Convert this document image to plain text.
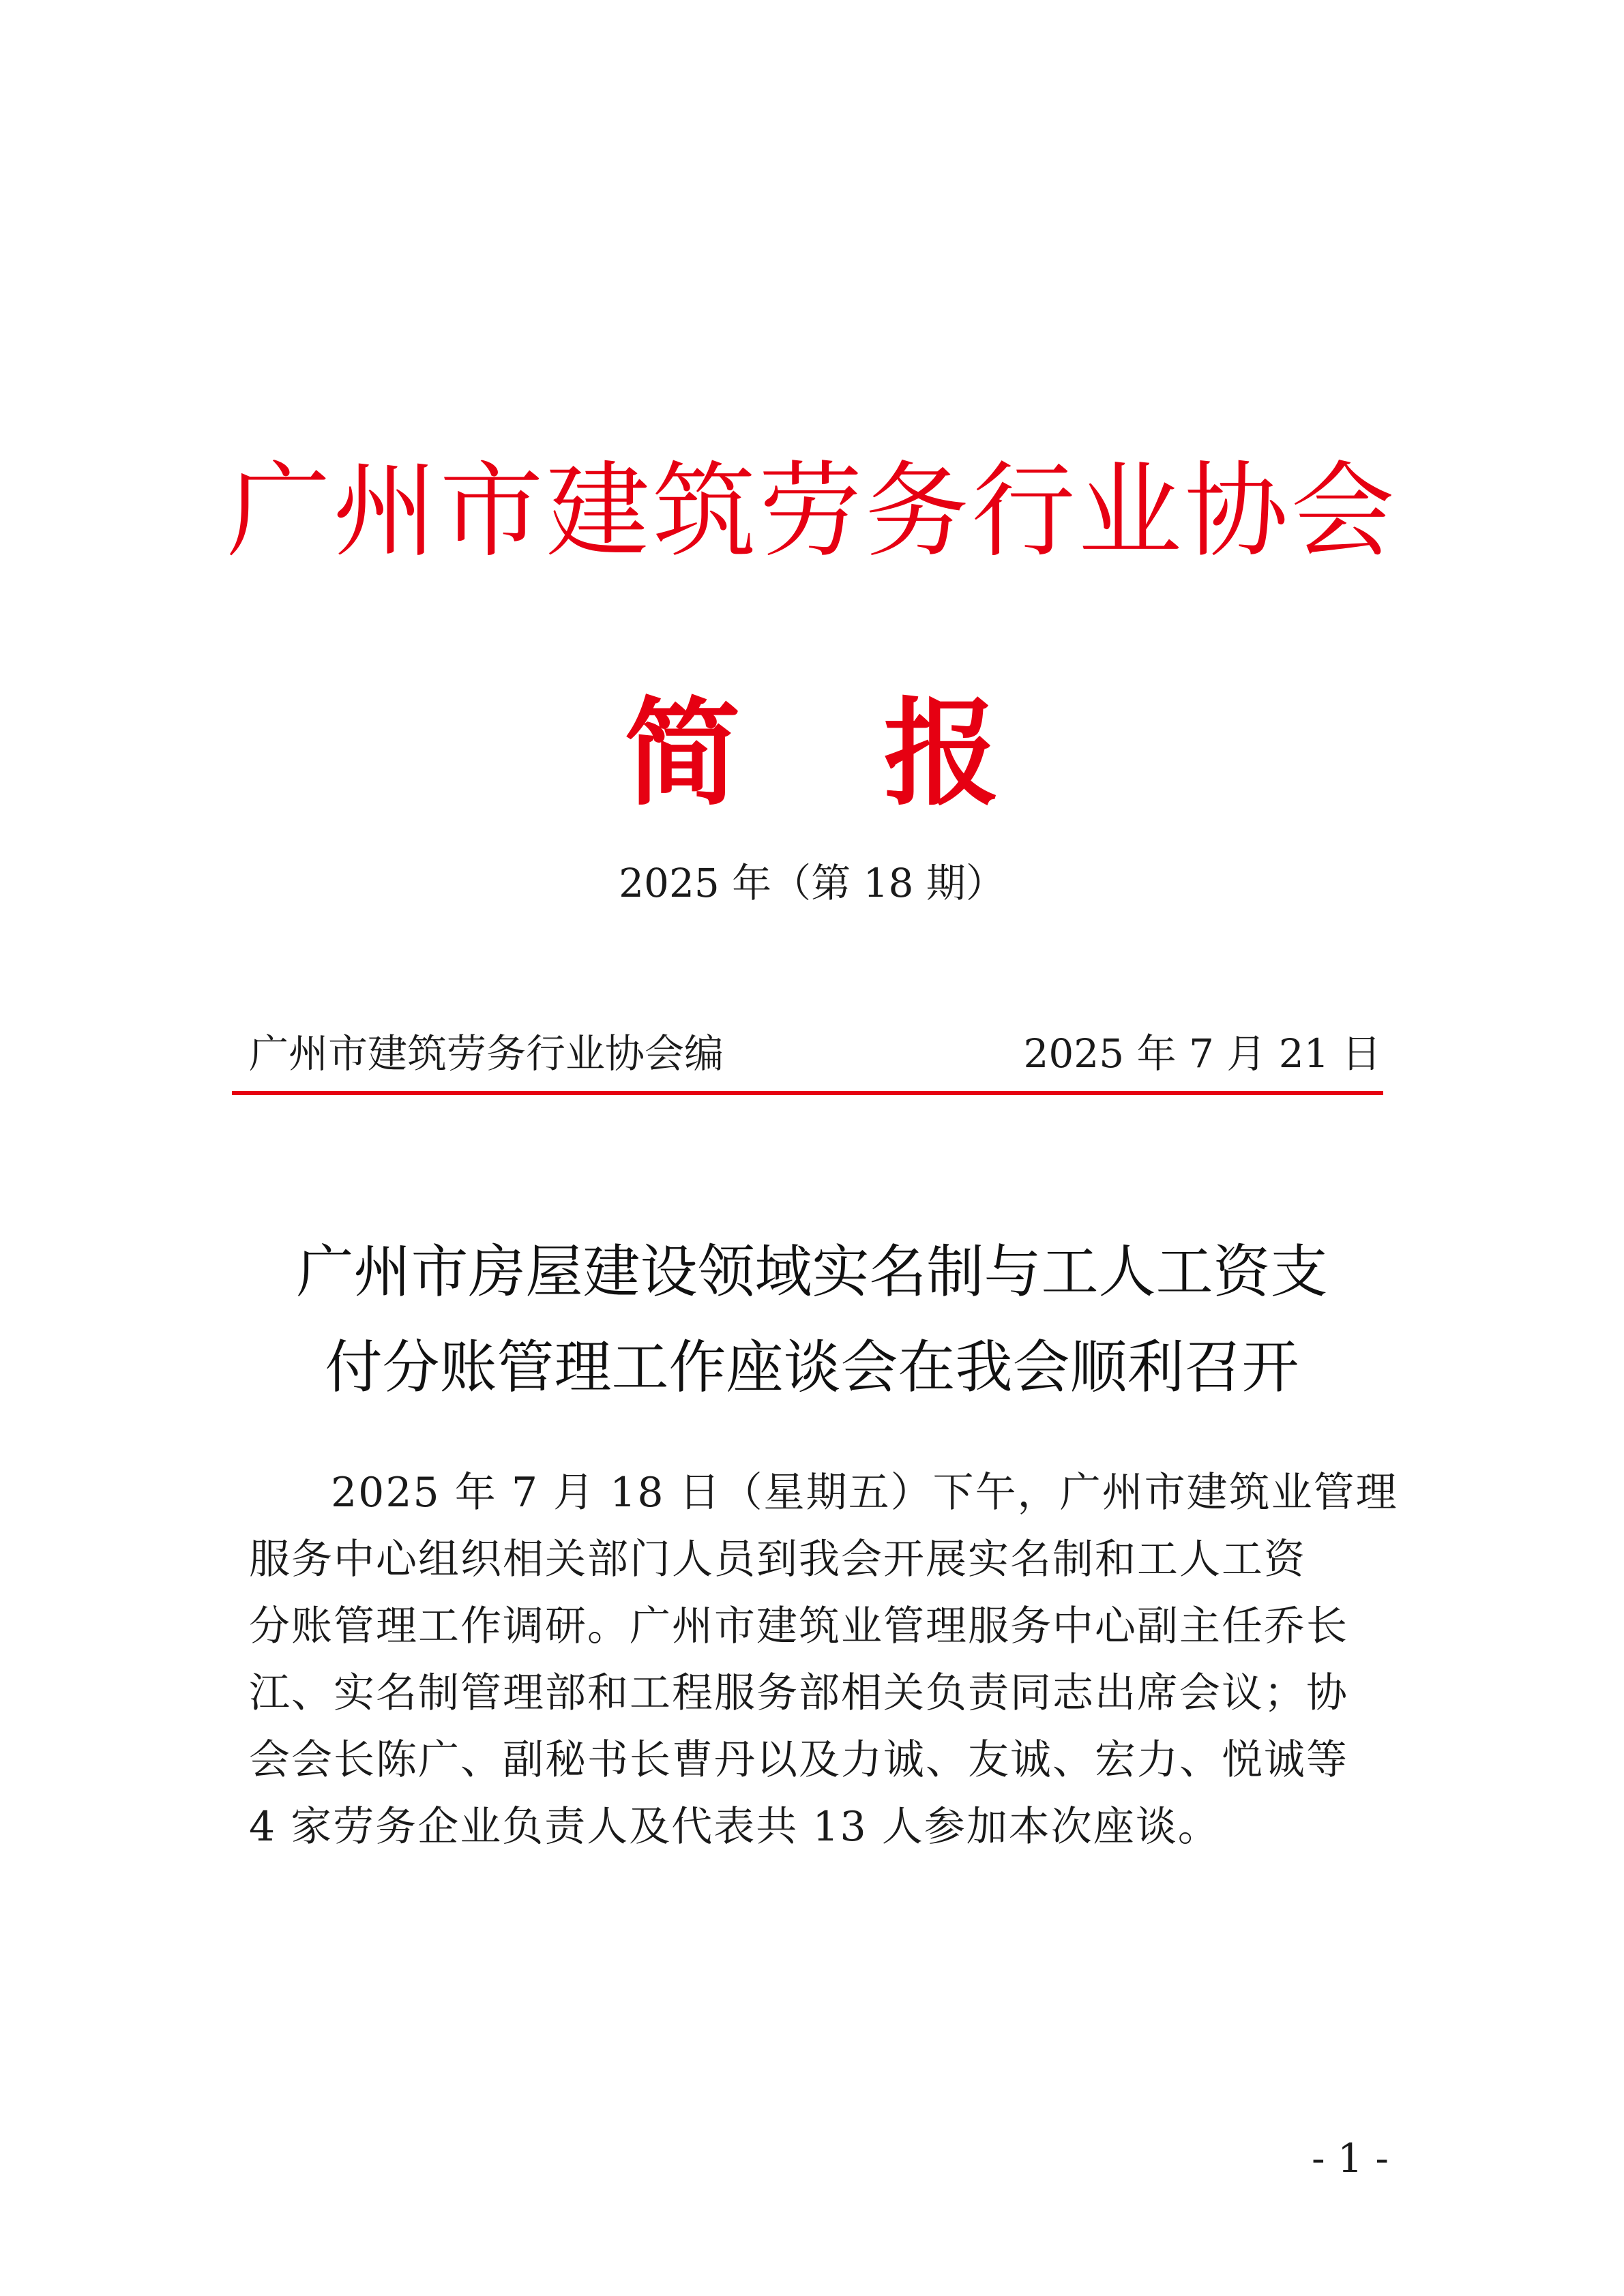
广州市建筑劳务行业协会
简 报
2025 年（第 18 期）
广州市建筑劳务行业协会编	2025 年 7 月 21 日
广州市房屋建设领域实名制与工人工资支
付分账管理工作座谈会在我会顺利召开
2025 年 7 月 18 日（星期五）下午，广州市建筑业管理
服务中心组织相关部门人员到我会开展实名制和工人工资
分账管理工作调研。广州市建筑业管理服务中心副主任乔长
江、实名制管理部和工程服务部相关负责同志出席会议；协
会会长陈广、副秘书长曹丹以及力诚、友诚、宏力、悦诚等
4 家劳务企业负责人及代表共 13 人参加本次座谈。
- 1 -
